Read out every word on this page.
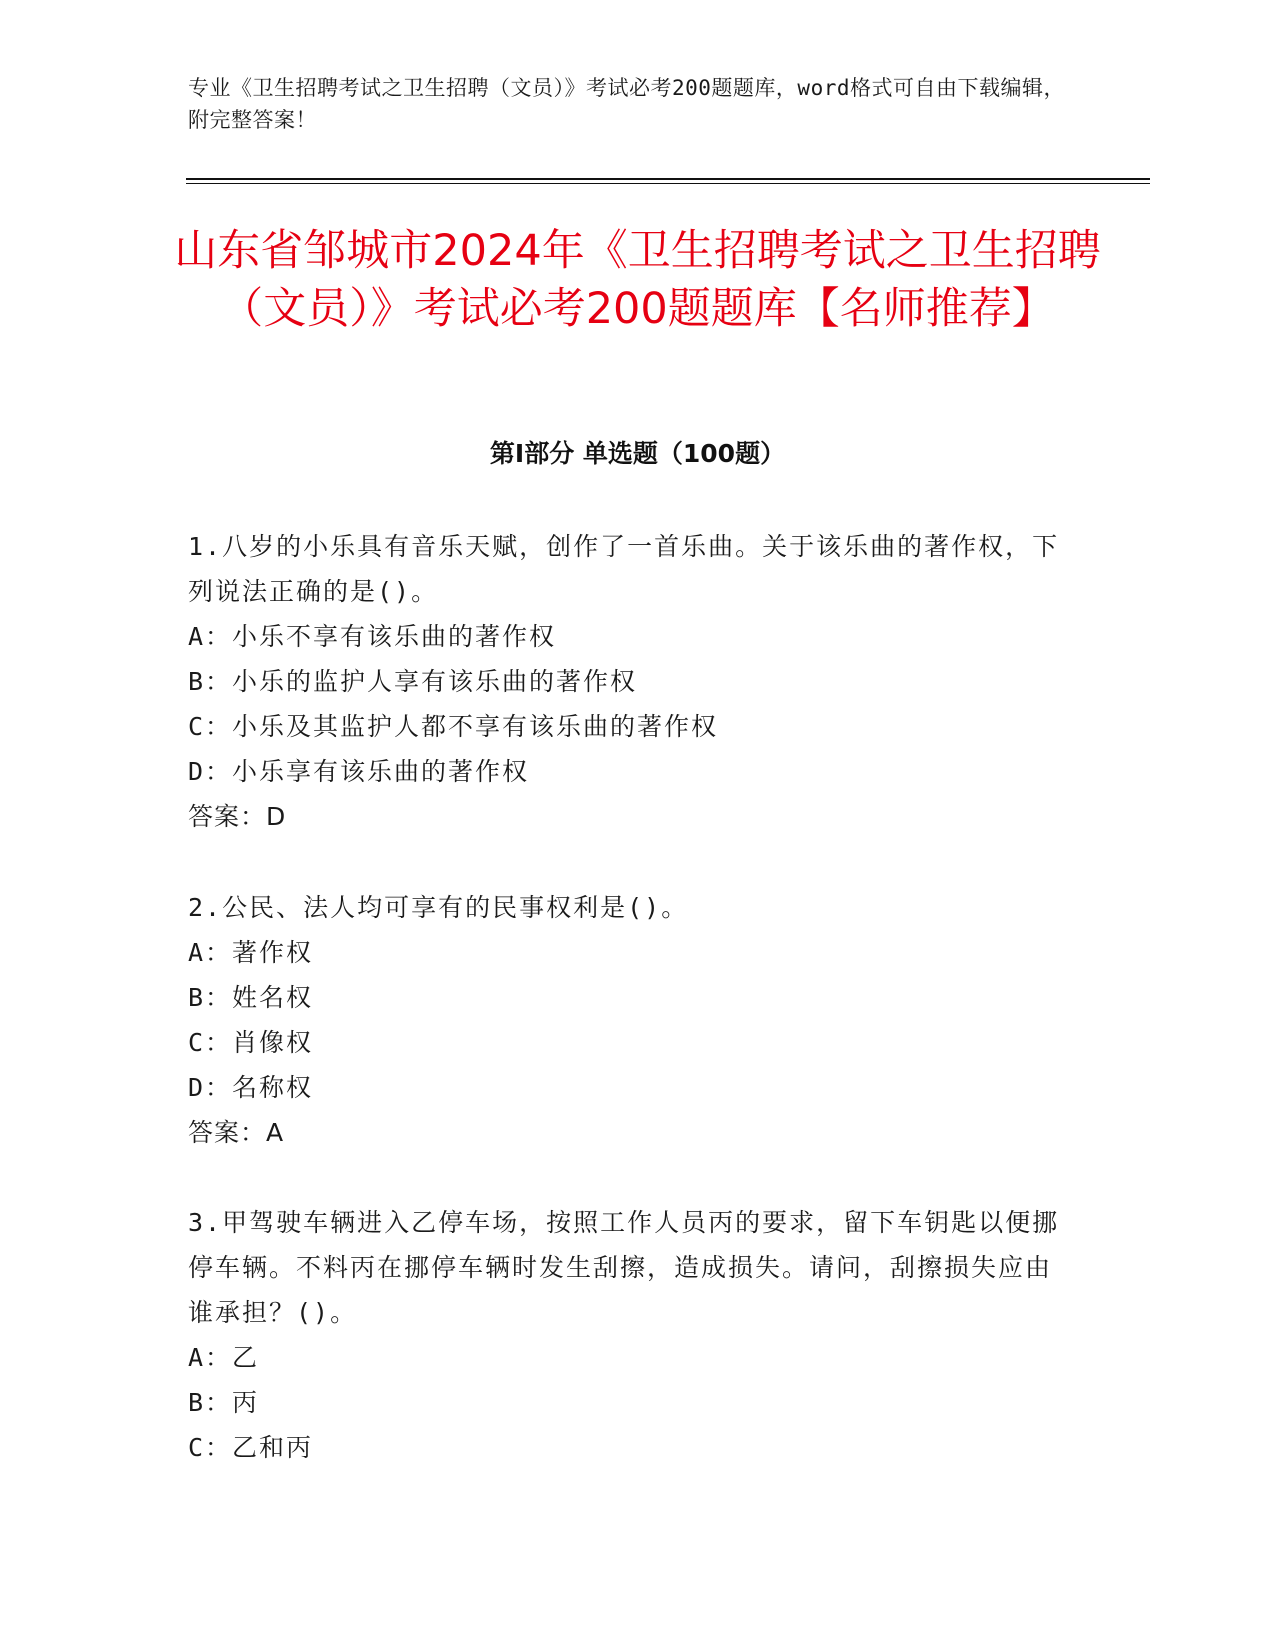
专业《卫生招聘考试之卫生招聘（文员）》考试必考200题题库，word格式可自由下载编辑，附完整答案！
山东省邹城市2024年《卫生招聘考试之卫生招聘（文员）》考试必考200题题库【名师推荐】
第Ⅰ部分 单选题（100题）

1.八岁的小乐具有音乐天赋，创作了一首乐曲。关于该乐曲的著作权，下列说法正确的是()。

A：小乐不享有该乐曲的著作权

B：小乐的监护人享有该乐曲的著作权

C：小乐及其监护人都不享有该乐曲的著作权

D：小乐享有该乐曲的著作权

答案：D

2.公民、法人均可享有的民事权利是()。

A：著作权

B：姓名权

C：肖像权

D：名称权

答案：A

3.甲驾驶车辆进入乙停车场，按照工作人员丙的要求，留下车钥匙以便挪停车辆。不料丙在挪停车辆时发生刮擦，造成损失。请问，刮擦损失应由谁承担？()。

A：乙

B：丙

C：乙和丙
